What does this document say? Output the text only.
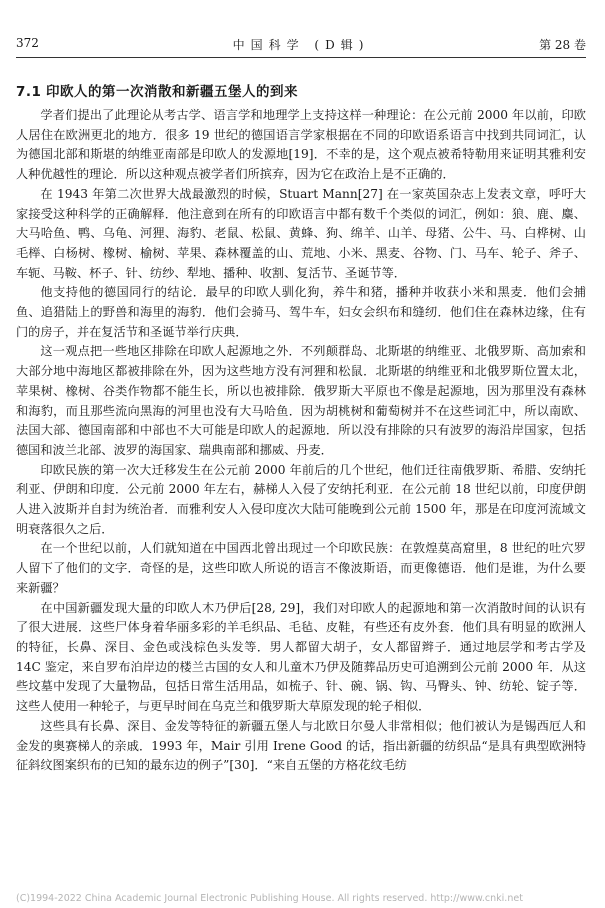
372	中国科学 (D辑)	第 28 卷
7.1 印欧人的第一次消散和新疆五堡人的到来

学者们提出了此理论从考古学、语言学和地理学上支持这样一种理论：在公元前 2000 年以前，印欧人居住在欧洲更北的地方．很多 19 世纪的德国语言学家根据在不同的印欧语系语言中找到共同词汇，认为德国北部和斯堪的纳维亚南部是印欧人的发源地[19]．不幸的是，这个观点被希特勒用来证明其雅利安人种优越性的理论．所以这种观点被学者们所摈弃，因为它在政治上是不正确的．

在 1943 年第二次世界大战最激烈的时候，Stuart Mann[27] 在一家英国杂志上发表文章，呼吁大家接受这种科学的正确解释．他注意到在所有的印欧语言中都有数千个类似的词汇，例如：狼、鹿、麋、大马哈鱼、鸭、乌龟、河狸、海豹、老鼠、松鼠、黄蜂、狗、绵羊、山羊、母猪、公牛、马、白桦树、山毛榉、白杨树、橡树、榆树、苹果、森林覆盖的山、荒地、小米、黑麦、谷物、门、马车、轮子、斧子、车轭、马鞍、杯子、针、纺纱、犁地、播种、收割、复活节、圣诞节等．

他支持他的德国同行的结论．最早的印欧人驯化狗，养牛和猪，播种并收获小米和黑麦．他们会捕鱼、追猎陆上的野兽和海里的海豹．他们会骑马、驾牛车，妇女会织布和缝纫．他们住在森林边缘，住有门的房子，并在复活节和圣诞节举行庆典．

这一观点把一些地区排除在印欧人起源地之外．不列颠群岛、北斯堪的纳维亚、北俄罗斯、高加索和大部分地中海地区都被排除在外，因为这些地方没有河狸和松鼠．北斯堪的纳维亚和北俄罗斯位置太北，苹果树、橡树、谷类作物都不能生长，所以也被排除．俄罗斯大平原也不像是起源地，因为那里没有森林和海豹，而且那些流向黑海的河里也没有大马哈鱼．因为胡桃树和葡萄树并不在这些词汇中，所以南欧、法国大部、德国南部和中部也不大可能是印欧人的起源地．所以没有排除的只有波罗的海沿岸国家，包括德国和波兰北部、波罗的海国家、瑞典南部和挪威、丹麦．

印欧民族的第一次大迁移发生在公元前 2000 年前后的几个世纪，他们迁往南俄罗斯、希腊、安纳托利亚、伊朗和印度．公元前 2000 年左右，赫梯人入侵了安纳托利亚．在公元前 18 世纪以前，印度伊朗人进入波斯并自封为统治者．而雅利安人入侵印度次大陆可能晚到公元前 1500 年，那是在印度河流域文明衰落很久之后．

在一个世纪以前，人们就知道在中国西北曾出现过一个印欧民族：在敦煌莫高窟里，8 世纪的吐穴罗人留下了他们的文字．奇怪的是，这些印欧人所说的语言不像波斯语，而更像德语．他们是谁，为什么要来新疆？

在中国新疆发现大量的印欧人木乃伊后[28, 29]，我们对印欧人的起源地和第一次消散时间的认识有了很大进展．这些尸体身着华丽多彩的羊毛织品、毛毡、皮鞋，有些还有皮外套．他们具有明显的欧洲人的特征，长鼻、深目、金色或浅棕色头发等．男人都留大胡子，女人都留辫子．通过地层学和考古学及14C 鉴定，来自罗布泊岸边的楼兰古国的女人和儿童木乃伊及随葬品历史可追溯到公元前 2000 年．从这些坟墓中发现了大量物品，包括日常生活用品，如梳子、针、碗、锅、钩、马臀头、钟、纺轮、锭子等．这些人使用一种轮子，与更早时间在乌克兰和俄罗斯大草原发现的轮子相似．

这些具有长鼻、深目、金发等特征的新疆五堡人与北欧日尔曼人非常相似；他们被认为是锡西厄人和金发的奥赛梯人的亲戚．1993 年，Mair 引用 Irene Good 的话，指出新疆的纺织品“是具有典型欧洲特征斜纹图案织布的已知的最东边的例子”[30]．“来自五堡的方格花纹毛纺

(C)1994-2022 China Academic Journal Electronic Publishing House. All rights reserved. http://www.cnki.net
